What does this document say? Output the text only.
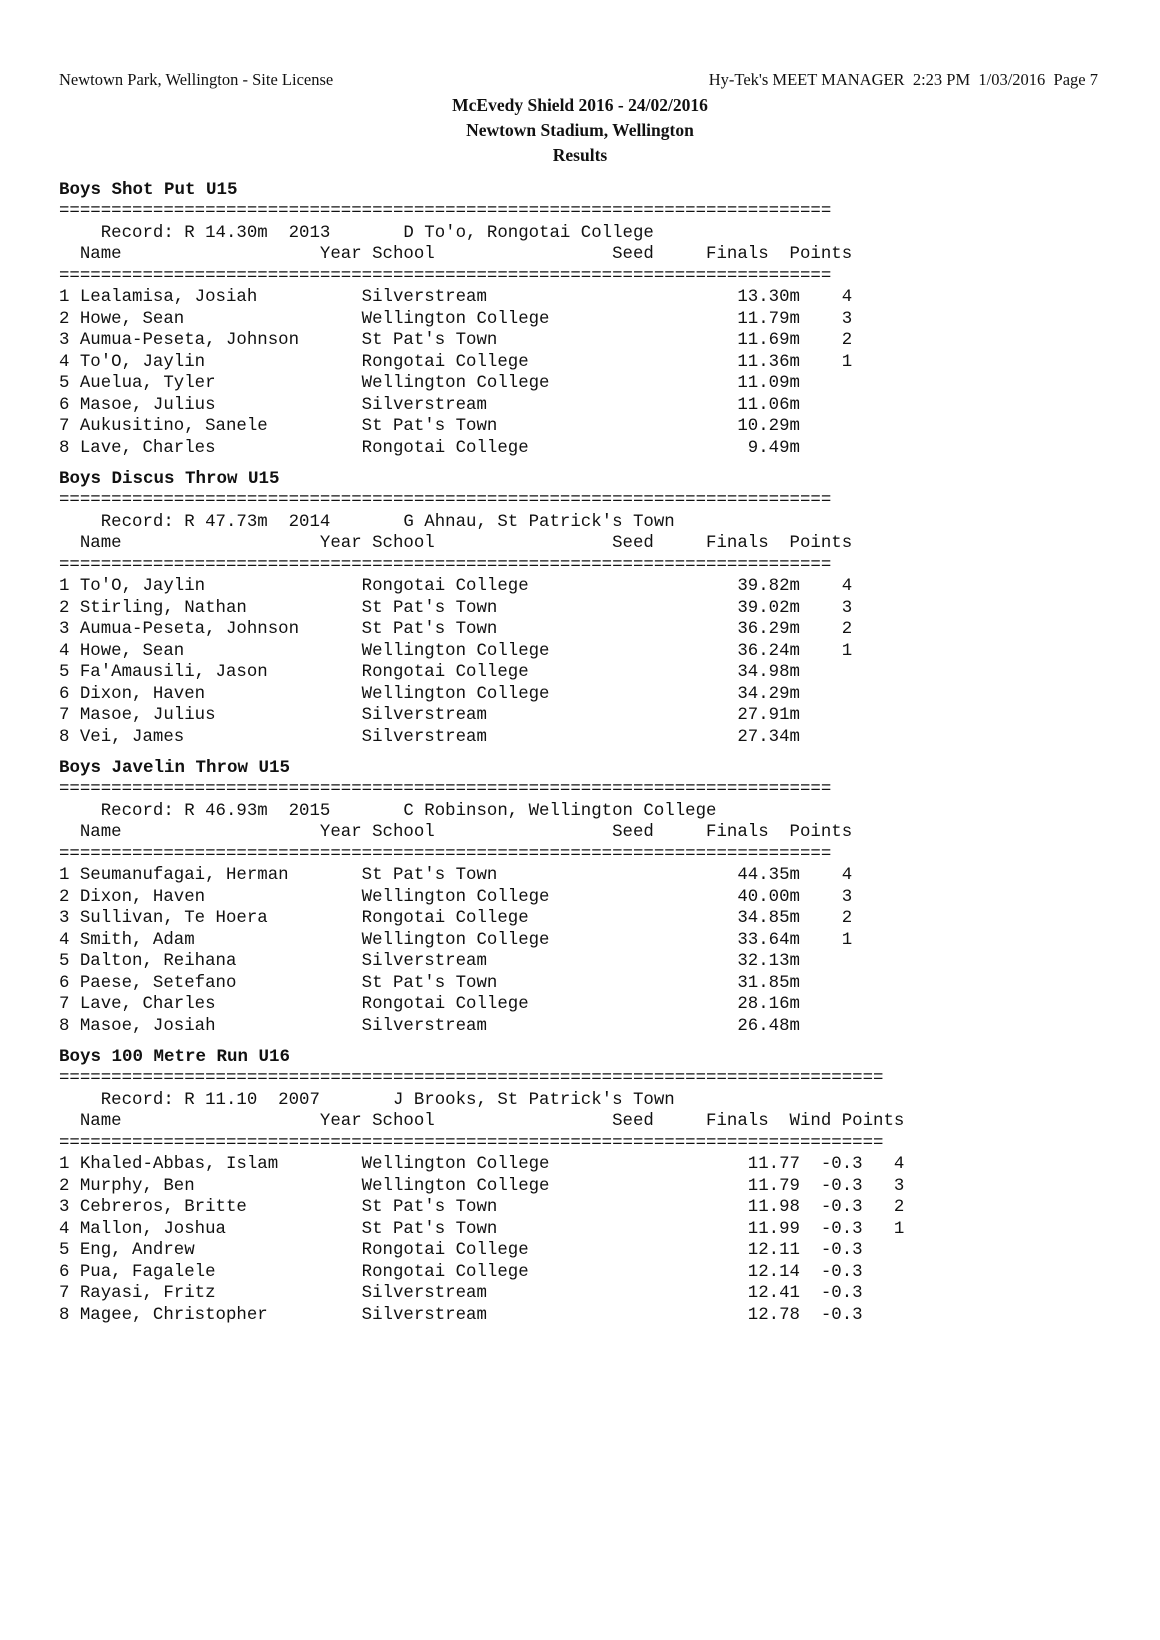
Newtown Park, Wellington - Site License	Hy-Tek's MEET MANAGER  2:23 PM  1/03/2016  Page 7
McEvedy Shield 2016 - 24/02/2016
Newtown Stadium, Wellington
Results
Boys Shot Put U15
==========================================================================
Record: R 14.30m  2013       D To'o, Rongotai College
Name                   Year School                 Seed     Finals  Points
==========================================================================
1 Lealamisa, Josiah          Silverstream                        13.30m    4
2 Howe, Sean                 Wellington College                  11.79m    3
3 Aumua-Peseta, Johnson      St Pat's Town                       11.69m    2
4 To'O, Jaylin               Rongotai College                    11.36m    1
5 Auelua, Tyler              Wellington College                  11.09m
6 Masoe, Julius              Silverstream                        11.06m
7 Aukusitino, Sanele         St Pat's Town                       10.29m
8 Lave, Charles              Rongotai College                     9.49m
Boys Discus Throw U15
==========================================================================
Record: R 47.73m  2014       G Ahnau, St Patrick's Town
Name                   Year School                 Seed     Finals  Points
==========================================================================
1 To'O, Jaylin               Rongotai College                    39.82m    4
2 Stirling, Nathan           St Pat's Town                       39.02m    3
3 Aumua-Peseta, Johnson      St Pat's Town                       36.29m    2
4 Howe, Sean                 Wellington College                  36.24m    1
5 Fa'Amausili, Jason         Rongotai College                    34.98m
6 Dixon, Haven               Wellington College                  34.29m
7 Masoe, Julius              Silverstream                        27.91m
8 Vei, James                 Silverstream                        27.34m
Boys Javelin Throw U15
==========================================================================
Record: R 46.93m  2015       C Robinson, Wellington College
Name                   Year School                 Seed     Finals  Points
==========================================================================
1 Seumanufagai, Herman       St Pat's Town                       44.35m    4
2 Dixon, Haven               Wellington College                  40.00m    3
3 Sullivan, Te Hoera         Rongotai College                    34.85m    2
4 Smith, Adam                Wellington College                  33.64m    1
5 Dalton, Reihana            Silverstream                        32.13m
6 Paese, Setefano            St Pat's Town                       31.85m
7 Lave, Charles              Rongotai College                    28.16m
8 Masoe, Josiah              Silverstream                        26.48m
Boys 100 Metre Run U16
===============================================================================
Record: R 11.10  2007       J Brooks, St Patrick's Town
Name                   Year School                 Seed     Finals  Wind Points
===============================================================================
1 Khaled-Abbas, Islam        Wellington College                   11.77  -0.3   4
2 Murphy, Ben                Wellington College                   11.79  -0.3   3
3 Cebreros, Britte           St Pat's Town                        11.98  -0.3   2
4 Mallon, Joshua             St Pat's Town                        11.99  -0.3   1
5 Eng, Andrew                Rongotai College                     12.11  -0.3
6 Pua, Fagalele              Rongotai College                     12.14  -0.3
7 Rayasi, Fritz              Silverstream                         12.41  -0.3
8 Magee, Christopher         Silverstream                         12.78  -0.3
